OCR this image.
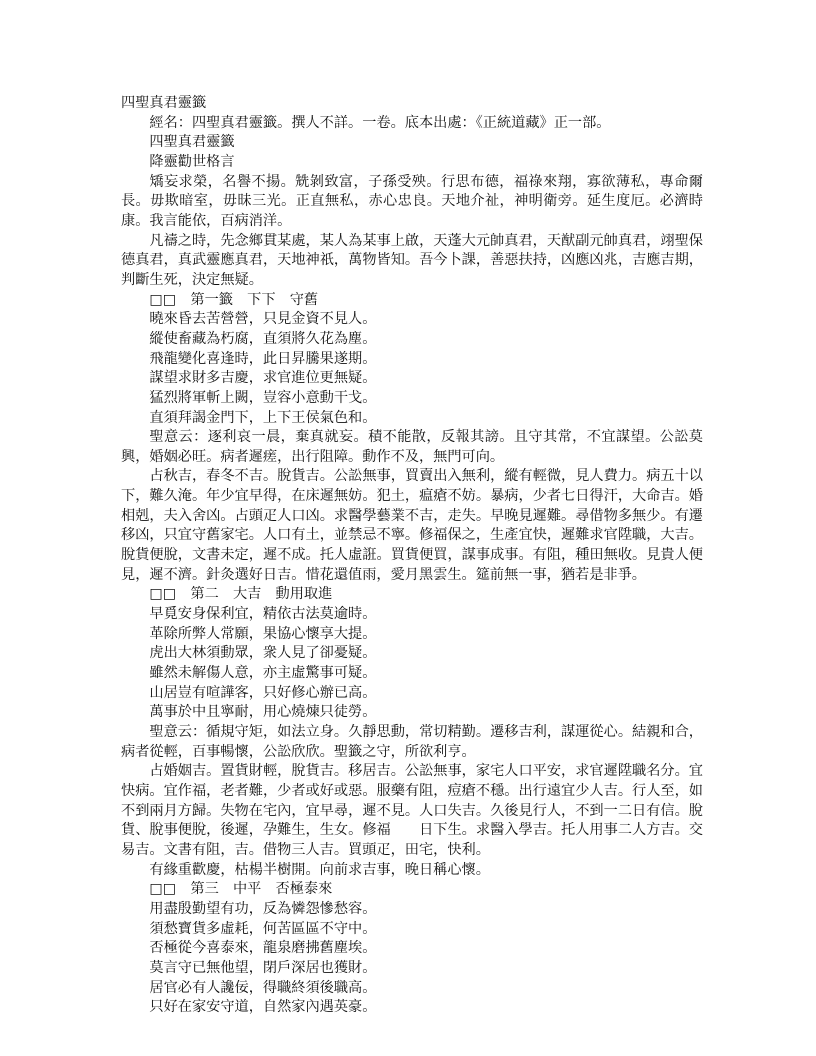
四聖真君靈籤

經名：四聖真君靈籤。撰人不詳。一卷。底本出處：《正統道藏》正一部。

四聖真君靈籤

降靈勸世格言

矯妄求榮，名譽不揚。兟剝致富，子孫受殃。行思布德，福祿來翔，寡欲薄私，專命爾長。毋欺暗室，毋昧三光。正直無私，赤心忠良。天地介祉，神明衛旁。延生度厄。必濟時康。我言能依，百病消洋。

凡禱之時，先念鄉貫某處，某人為某事上啟，天蓬大元帥真君，天猷副元帥真君，翊聖保德真君，真武靈應真君，天地神祇，萬物皆知。吾今卜課，善惡扶持，凶應凶兆，吉應吉期，判斷生死，決定無疑。

□□　第一籤　下下　守舊

曉來昏去苦營營，只見金資不見人。

縱使畜藏為朽腐，直須將久花為塵。

飛龍變化喜逢時，此日昇騰果遂期。

謀望求財多吉慶，求官進位更無疑。

猛烈將軍斬上闕，豈容小意動干戈。

直須拜謁金門下，上下王侯氣色和。

聖意云：逐利哀一晨，棄真就妄。積不能散，反報其謗。且守其常，不宜謀望。公訟莫興，婚姻必旺。病者遲瘥，出行阻障。動作不及，無門可向。

占秋吉，春冬不吉。脫貨吉。公訟無事，買賣出入無利，縱有輕微，見人費力。病五十以下，難久淹。年少宜早得，在床遲無妨。犯土，瘟瘡不妨。暴病，少者七日得汗，大命吉。婚相剋，夫入舍凶。占頭疋人口凶。求醫學藝業不吉，走失。早晚見遲難。尋借物多無少。有遷移凶，只宜守舊家宅。人口有土，並禁忌不寧。修福保之，生產宜快，遲難求官陞職，大吉。脫貨便脫，文書未定，遲不成。托人虛誑。買貨便買，謀事成事。有阻，種田無收。見貴人便見，遲不濟。針灸選好日吉。惜花還值雨，愛月黑雲生。筵前無一事，猶若是非爭。

□□　第二　大吉　動用取進

早覓安身保利宜，精依古法莫逾時。

革除所弊人常願，果協心懷享大提。

虎出大林須動眾，衆人見了卻憂疑。

雖然未解傷人意，亦主虛驚事可疑。

山居豈有喧譁客，只好修心辦已高。

萬事於中且寧耐，用心燒煉只徒勞。

聖意云：循規守矩，如法立身。久靜思動，常切精勤。遷移吉利，謀運從心。結親和合，病者從輕，百事暢懷，公訟欣欣。聖籤之守，所欲利亨。

占婚姻吉。置貨財輕，脫貨吉。移居吉。公訟無事，家宅人口平安，求官遲陞職名分。宜快病。宜作福，老者難，少者或好或惡。服藥有阻，痘瘡不穩。出行遠宜少人吉。行人至，如不到兩月方歸。失物在宅內，宜早尋，遲不見。人口失吉。久後見行人，不到一二日有信。脫貨、脫事便脫，後遲，孕難生，生女。修福　　日下生。求醫入學吉。托人用事二人方吉。交易吉。文書有阻，吉。借物三人吉。買頭疋，田宅，快利。

有緣重歡慶，枯楊半樹開。向前求吉事，晚日稱心懷。

□□　第三　中平　否極泰來

用盡殷勤望有功，反為憐怨慘愁容。

須愁寶貨多虛耗，何苦區區不守中。

否極從今喜泰來，龍泉磨拂舊塵埃。

莫言守已無他望，閉戶深居也獲財。

居官必有人讒佞，得職終須後職高。

只好在家安守道，自然家內遇英豪。
